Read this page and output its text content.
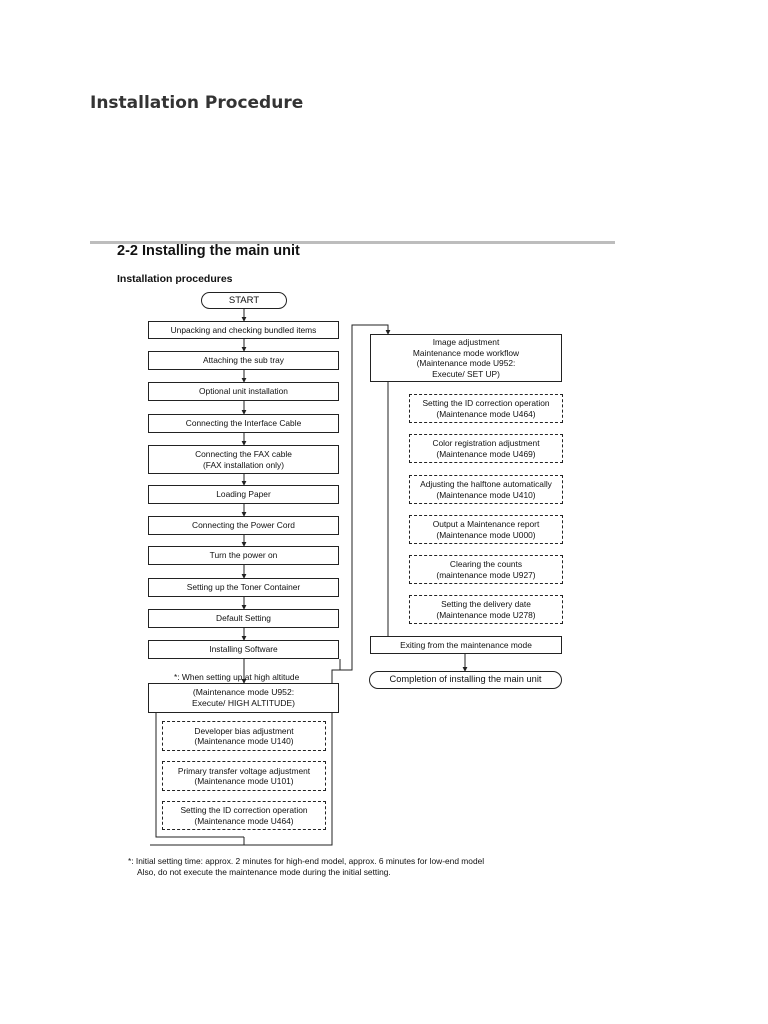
Installation Procedure
2-2 Installing the main unit
Installation procedures
START
Unpacking and checking bundled items
Attaching the sub tray
Optional unit installation
Connecting the Interface Cable
Connecting the FAX cable
(FAX installation only)
Loading Paper
Connecting the Power Cord
Turn the power on
Setting up the Toner Container
Default Setting
Installing Software
*: When setting up at high altitude
(Maintenance mode U952:
Execute/ HIGH ALTITUDE)
Developer bias adjustment
(Maintenance mode U140)
Primary transfer voltage adjustment
(Maintenance mode U101)
Setting the ID correction operation
(Maintenance mode U464)
Image adjustment
Maintenance mode workflow
(Maintenance mode U952:
Execute/ SET UP)
Setting the ID correction operation
(Maintenance mode U464)
Color registration adjustment
(Maintenance mode U469)
Adjusting the halftone automatically
(Maintenance mode U410)
Output a Maintenance report
(Maintenance mode U000)
Clearing the counts
(maintenance mode U927)
Setting the delivery date
(Maintenance mode U278)
Exiting from the maintenance mode
Completion of installing the main unit
*: Initial setting time: approx. 2 minutes for high-end model, approx. 6 minutes for low-end model
Also, do not execute the maintenance mode during the initial setting.
